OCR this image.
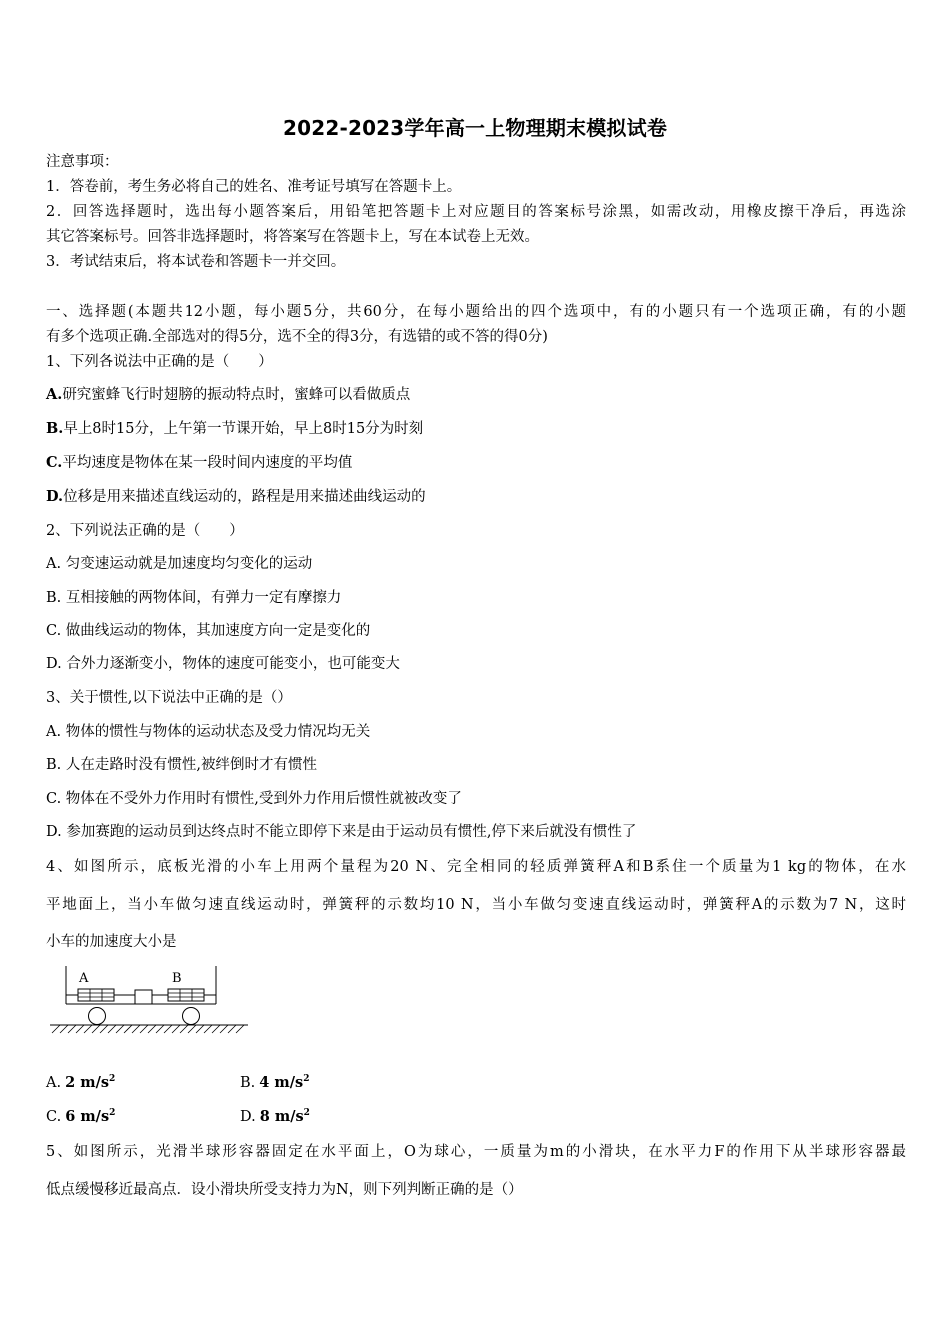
2022-2023学年高一上物理期末模拟试卷
注意事项：
1．答卷前，考生务必将自己的姓名、准考证号填写在答题卡上。
2．回答选择题时，选出每小题答案后，用铅笔把答题卡上对应题目的答案标号涂黑，如需改动，用橡皮擦干净后，再选涂
其它答案标号。回答非选择题时，将答案写在答题卡上，写在本试卷上无效。
3．考试结束后，将本试卷和答题卡一并交回。
一、选择题(本题共12小题，每小题5分，共60分，在每小题给出的四个选项中，有的小题只有一个选项正确，有的小题
有多个选项正确.全部选对的得5分，选不全的得3分，有选错的或不答的得0分)
1、下列各说法中正确的是（　　）
A.研究蜜蜂飞行时翅膀的振动特点时，蜜蜂可以看做质点
B.早上8时15分，上午第一节课开始，早上8时15分为时刻
C.平均速度是物体在某一段时间内速度的平均值
D.位移是用来描述直线运动的，路程是用来描述曲线运动的
2、下列说法正确的是（　　）
A. 匀变速运动就是加速度均匀变化的运动
B. 互相接触的两物体间，有弹力一定有摩擦力
C. 做曲线运动的物体，其加速度方向一定是变化的
D. 合外力逐渐变小，物体的速度可能变小，也可能变大
3、关于惯性,以下说法中正确的是（）
A. 物体的惯性与物体的运动状态及受力情况均无关
B. 人在走路时没有惯性,被绊倒时才有惯性
C. 物体在不受外力作用时有惯性,受到外力作用后惯性就被改变了
D. 参加赛跑的运动员到达终点时不能立即停下来是由于运动员有惯性,停下来后就没有惯性了
4、如图所示，底板光滑的小车上用两个量程为20 N、完全相同的轻质弹簧秤A和B系住一个质量为1 kg的物体，在水
平地面上，当小车做匀速直线运动时，弹簧秤的示数均10 N，当小车做匀变速直线运动时，弹簧秤A的示数为7 N，这时
小车的加速度大小是
A	B
A. 2 $m/s^2$	B. 4 $m/s^2$
C. 6 $m/s^2$	D. 8 $m/s^2$
5、如图所示，光滑半球形容器固定在水平面上，O为球心，一质量为m的小滑块，在水平力F的作用下从半球形容器最
低点缓慢移近最高点．设小滑块所受支持力为N，则下列判断正确的是（）
